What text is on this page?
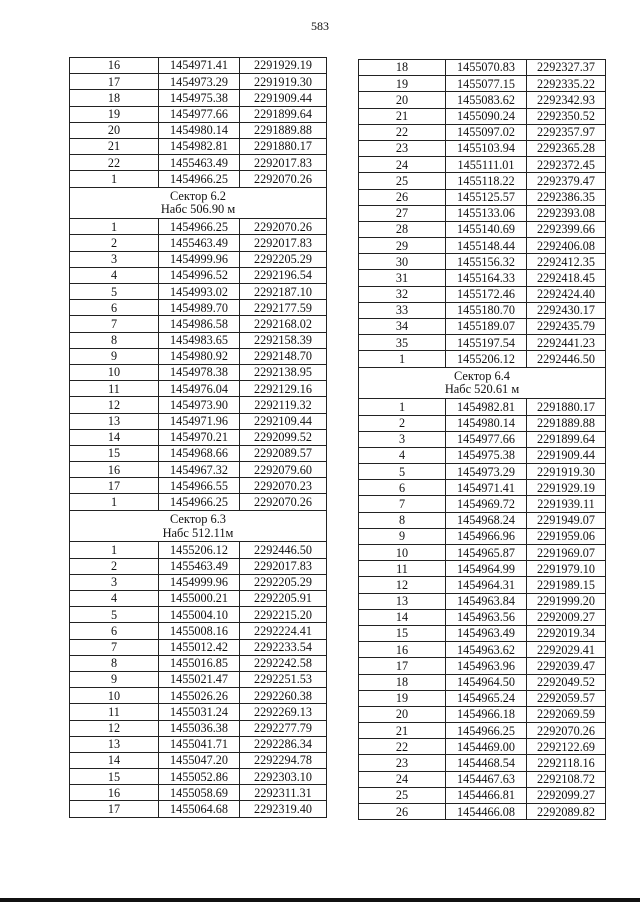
583
16	1454971.41	2291929.19
17	1454973.29	2291919.30
18	1454975.38	2291909.44
19	1454977.66	2291899.64
20	1454980.14	2291889.88
21	1454982.81	2291880.17
22	1455463.49	2292017.83
1	1454966.25	2292070.26

Сектор 6.2
Набс 506.90 м		

1	1454966.25	2292070.26
2	1455463.49	2292017.83
3	1454999.96	2292205.29
4	1454996.52	2292196.54
5	1454993.02	2292187.10
6	1454989.70	2292177.59
7	1454986.58	2292168.02
8	1454983.65	2292158.39
9	1454980.92	2292148.70
10	1454978.38	2292138.95
11	1454976.04	2292129.16
12	1454973.90	2292119.32
13	1454971.96	2292109.44
14	1454970.21	2292099.52
15	1454968.66	2292089.57
16	1454967.32	2292079.60
17	1454966.55	2292070.23
1	1454966.25	2292070.26

Сектор 6.3
Набс 512.11м		

1	1455206.12	2292446.50
2	1455463.49	2292017.83
3	1454999.96	2292205.29
4	1455000.21	2292205.91
5	1455004.10	2292215.20
6	1455008.16	2292224.41
7	1455012.42	2292233.54
8	1455016.85	2292242.58
9	1455021.47	2292251.53
10	1455026.26	2292260.38
11	1455031.24	2292269.13
12	1455036.38	2292277.79
13	1455041.71	2292286.34
14	1455047.20	2292294.78
15	1455052.86	2292303.10
16	1455058.69	2292311.31
17	1455064.68	2292319.40
18	1455070.83	2292327.37
19	1455077.15	2292335.22
20	1455083.62	2292342.93
21	1455090.24	2292350.52
22	1455097.02	2292357.97
23	1455103.94	2292365.28
24	1455111.01	2292372.45
25	1455118.22	2292379.47
26	1455125.57	2292386.35
27	1455133.06	2292393.08
28	1455140.69	2292399.66
29	1455148.44	2292406.08
30	1455156.32	2292412.35
31	1455164.33	2292418.45
32	1455172.46	2292424.40
33	1455180.70	2292430.17
34	1455189.07	2292435.79
35	1455197.54	2292441.23
1	1455206.12	2292446.50

Сектор 6.4
Набс 520.61 м		

1	1454982.81	2291880.17
2	1454980.14	2291889.88
3	1454977.66	2291899.64
4	1454975.38	2291909.44
5	1454973.29	2291919.30
6	1454971.41	2291929.19
7	1454969.72	2291939.11
8	1454968.24	2291949.07
9	1454966.96	2291959.06
10	1454965.87	2291969.07
11	1454964.99	2291979.10
12	1454964.31	2291989.15
13	1454963.84	2291999.20
14	1454963.56	2292009.27
15	1454963.49	2292019.34
16	1454963.62	2292029.41
17	1454963.96	2292039.47
18	1454964.50	2292049.52
19	1454965.24	2292059.57
20	1454966.18	2292069.59
21	1454966.25	2292070.26
22	1454469.00	2292122.69
23	1454468.54	2292118.16
24	1454467.63	2292108.72
25	1454466.81	2292099.27
26	1454466.08	2292089.82
